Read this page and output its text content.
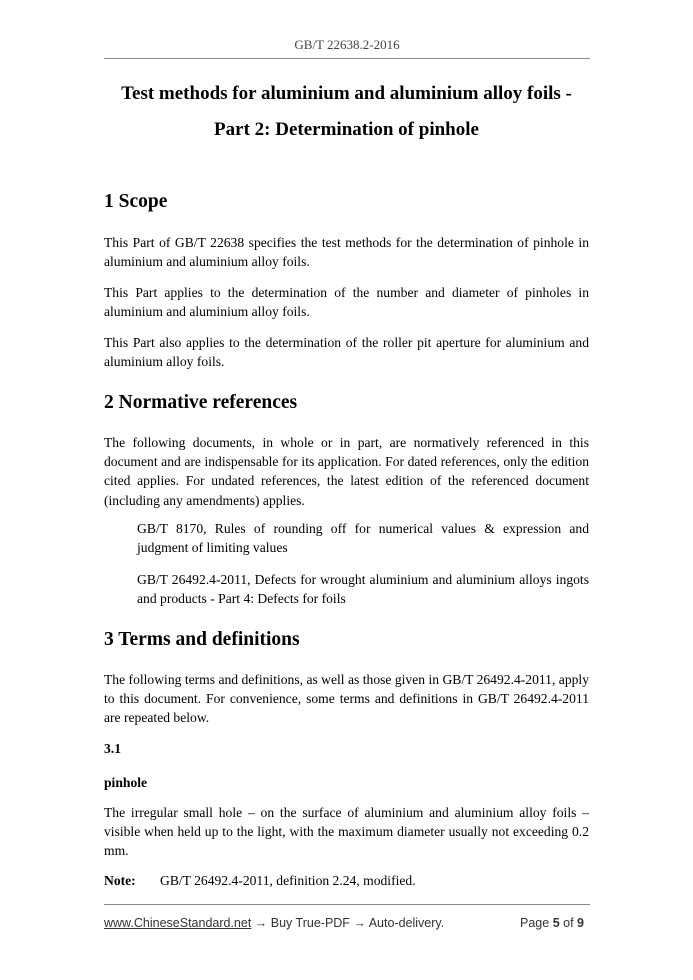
GB/T 22638.2-2016

Test methods for aluminium and aluminium alloy foils -

Part 2: Determination of pinhole

1 Scope

This Part of GB/T 22638 specifies the test methods for the determination of pinhole in aluminium and aluminium alloy foils.

This Part applies to the determination of the number and diameter of pinholes in aluminium and aluminium alloy foils.

This Part also applies to the determination of the roller pit aperture for aluminium and aluminium alloy foils.

2 Normative references

The following documents, in whole or in part, are normatively referenced in this document and are indispensable for its application. For dated references, only the edition cited applies. For undated references, the latest edition of the referenced document (including any amendments) applies.

GB/T 8170, Rules of rounding off for numerical values & expression and judgment of limiting values

GB/T 26492.4-2011, Defects for wrought aluminium and aluminium alloys ingots and products - Part 4: Defects for foils

3 Terms and definitions

The following terms and definitions, as well as those given in GB/T 26492.4-2011, apply to this document. For convenience, some terms and definitions in GB/T 26492.4-2011 are repeated below.

3.1
pinhole

The irregular small hole – on the surface of aluminium and aluminium alloy foils – visible when held up to the light, with the maximum diameter usually not exceeding 0.2 mm.

Note: GB/T 26492.4-2011, definition 2.24, modified.
www.ChineseStandard.net → Buy True-PDF → Auto-delivery.	Page 5 of 9
